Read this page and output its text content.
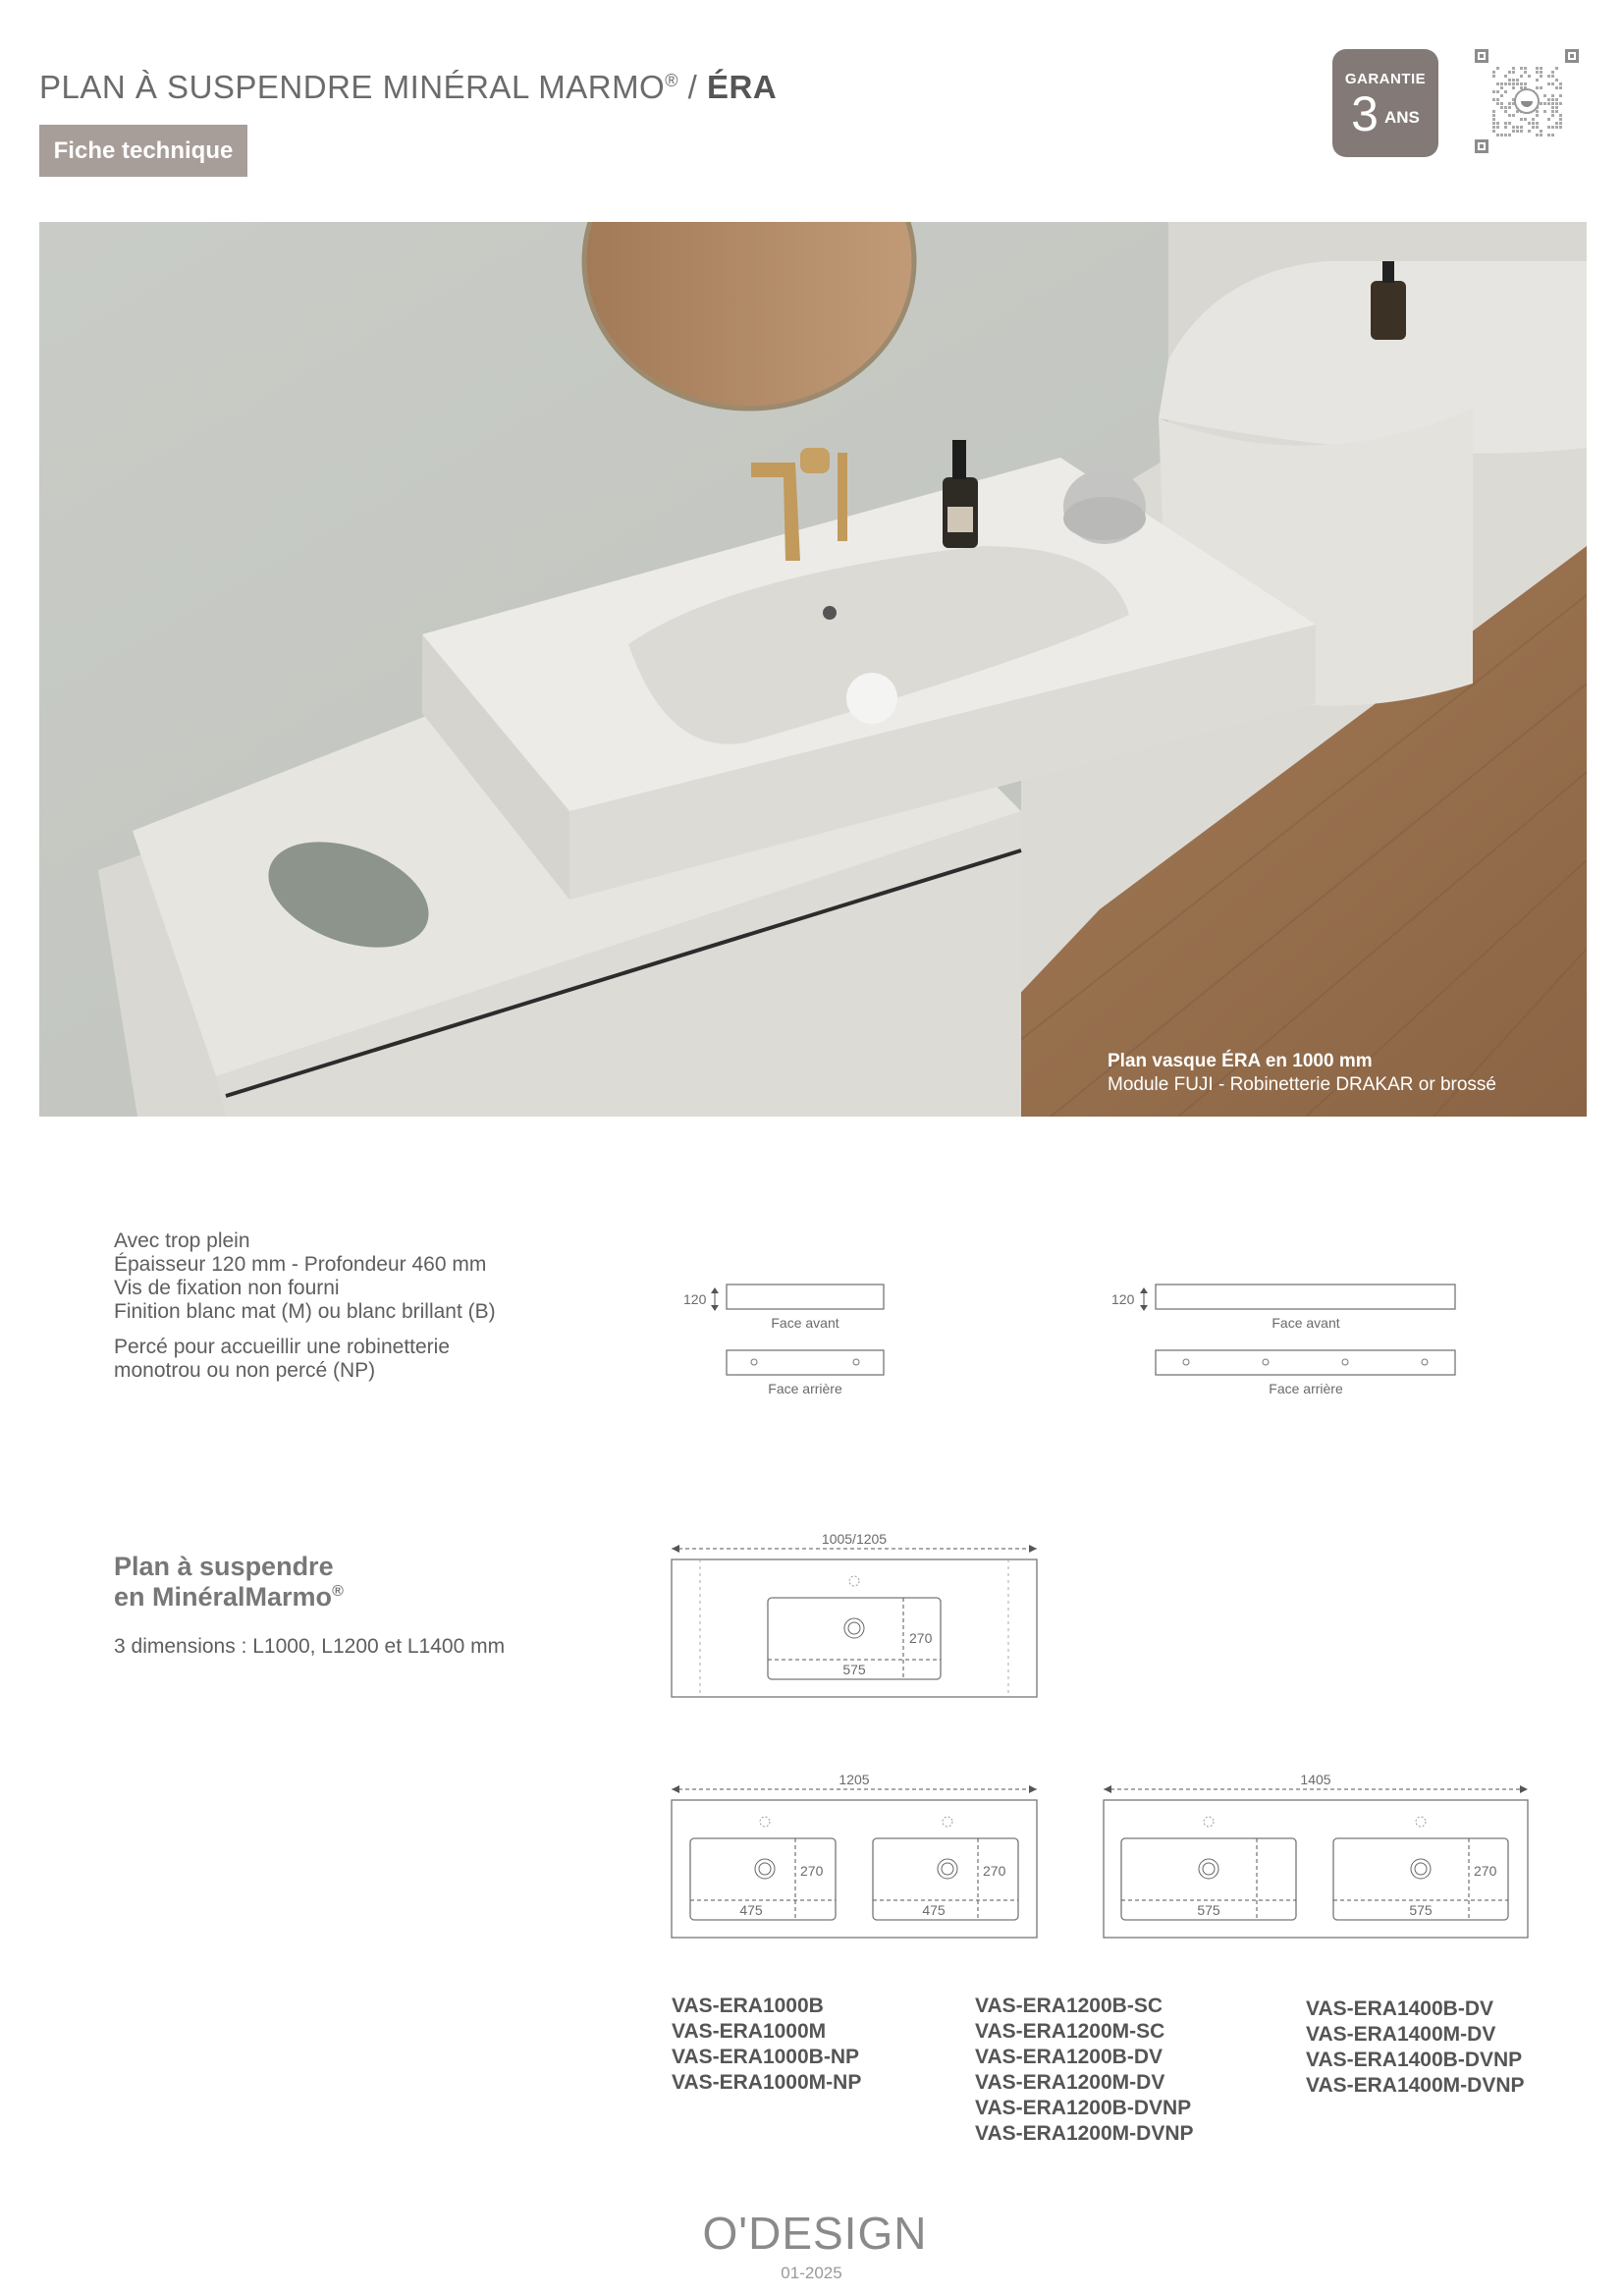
PLAN À SUSPENDRE MINÉRAL MARMO® / ÉRA
Fiche technique
GARANTIE
3 ANS
Plan vasque ÉRA en 1000 mm
Module FUJI - Robinetterie DRAKAR or brossé
Avec trop plein
Épaisseur 120 mm - Profondeur 460 mm
Vis de fixation non fourni
Finition blanc mat (M) ou blanc brillant (B)
Percé pour accueillir une robinetterie
monotrou ou non percé (NP)
120
Face avant
Face arrière
120
Face avant
Face arrière
Plan à suspendre
en MinéralMarmo®
3 dimensions : L1000, L1200 et L1400 mm
1005/1205
270
575
1205
270
475
270
475
1405
575
270
575
VAS-ERA1000B
VAS-ERA1000M
VAS-ERA1000B-NP
VAS-ERA1000M-NP
VAS-ERA1200B-SC
VAS-ERA1200M-SC
VAS-ERA1200B-DV
VAS-ERA1200M-DV
VAS-ERA1200B-DVNP
VAS-ERA1200M-DVNP
VAS-ERA1400B-DV
VAS-ERA1400M-DV
VAS-ERA1400B-DVNP
VAS-ERA1400M-DVNP
O'DESIGN
01-2025
